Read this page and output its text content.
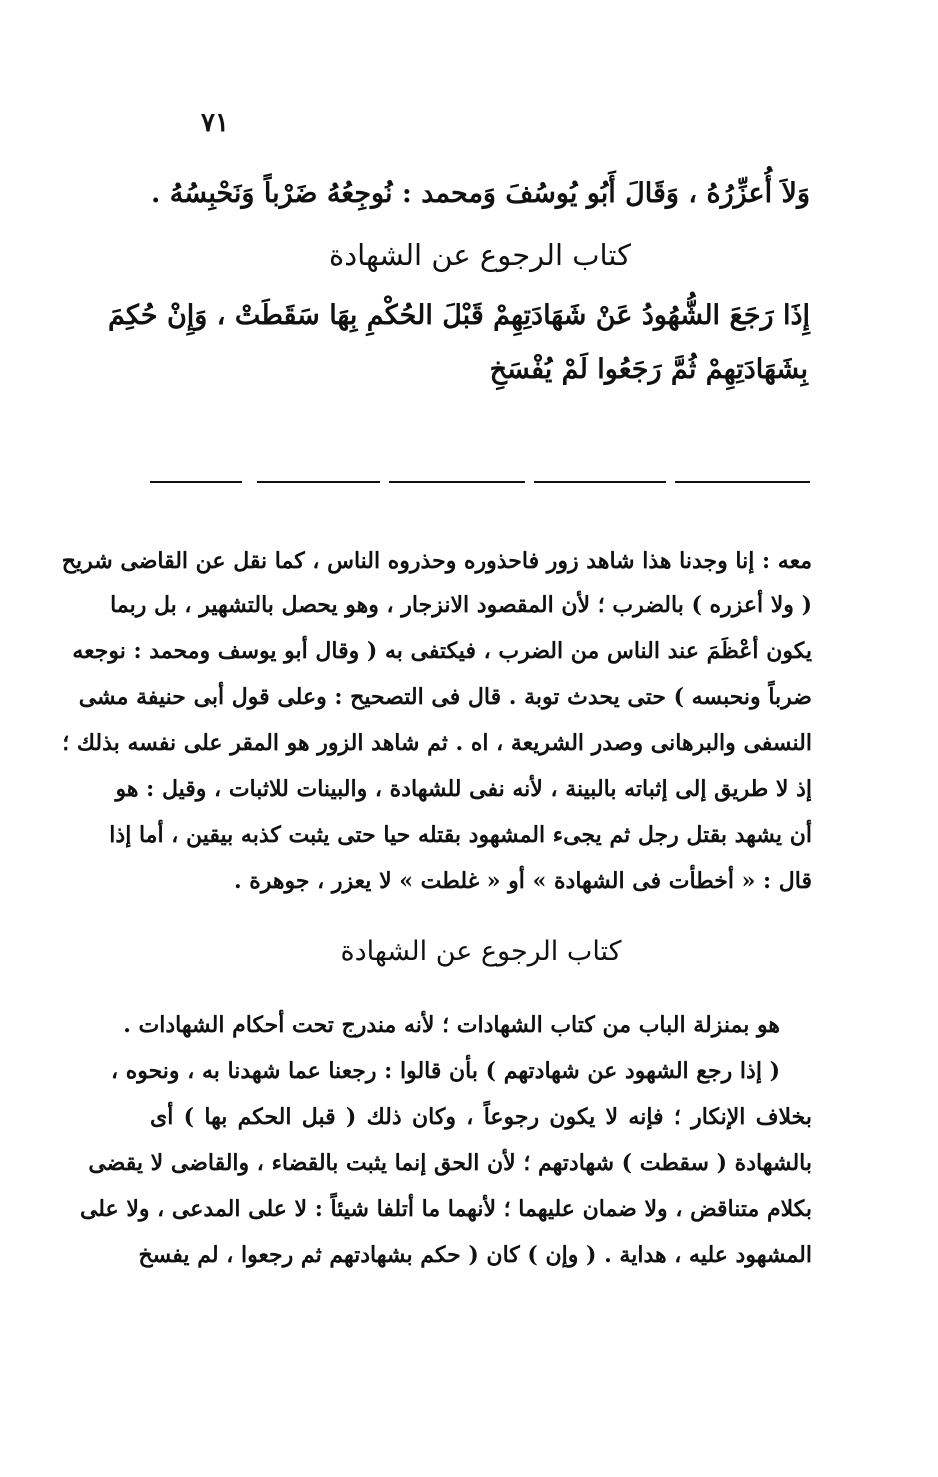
٧١
وَلاَ أُعزِّرُهُ ، وَقَالَ أَبُو يُوسُفَ وَمحمد : نُوجِعُهُ ضَرْباً وَنَحْبِسُهُ .
كتاب الرجوع عن الشهادة
إِذَا رَجَعَ الشُّهُودُ عَنْ شَهَادَتِهِمْ قَبْلَ الحُكْمِ بِهَا سَقَطَتْ ، وَإِنْ حُكِمَ
بِشَهَادَتِهِمْ ثُمَّ رَجَعُوا لَمْ يُفْسَخِ
معه : إنا وجدنا هذا شاهد زور فاحذوره وحذروه الناس ، كما نقل عن القاضى شريح
( ولا أعزره ) بالضرب ؛ لأن المقصود الانزجار ، وهو يحصل بالتشهير ، بل ربما
يكون أعْظَمَ عند الناس من الضرب ، فيكتفى به ( وقال أبو يوسف ومحمد : نوجعه
ضرباً ونحبسه ) حتى يحدث توبة . قال فى التصحيح : وعلى قول أبى حنيفة مشى
النسفى والبرهانى وصدر الشريعة ، اه . ثم شاهد الزور هو المقر على نفسه بذلك ؛
إذ لا طريق إلى إثباته بالبينة ، لأنه نفى للشهادة ، والبينات للاثبات ، وقيل : هو
أن يشهد بقتل رجل ثم يجىء المشهود بقتله حيا حتى يثبت كذبه بيقين ، أما إذا
قال : « أخطأت فى الشهادة » أو « غلطت » لا يعزر ، جوهرة .
كتاب الرجوع عن الشهادة
هو بمنزلة الباب من كتاب الشهادات ؛ لأنه مندرج تحت أحكام الشهادات .
( إذا رجع الشهود عن شهادتهم ) بأن قالوا : رجعنا عما شهدنا به ، ونحوه ،
بخلاف الإنكار ؛ فإنه لا يكون رجوعاً ، وكان ذلك ( قبل الحكم بها ) أى
بالشهادة ( سقطت ) شهادتهم ؛ لأن الحق إنما يثبت بالقضاء ، والقاضى لا يقضى
بكلام متناقض ، ولا ضمان عليهما ؛ لأنهما ما أتلفا شيئاً : لا على المدعى ، ولا على
المشهود عليه ، هداية . ( وإن ) كان ( حكم بشهادتهم ثم رجعوا ، لم يفسخ
